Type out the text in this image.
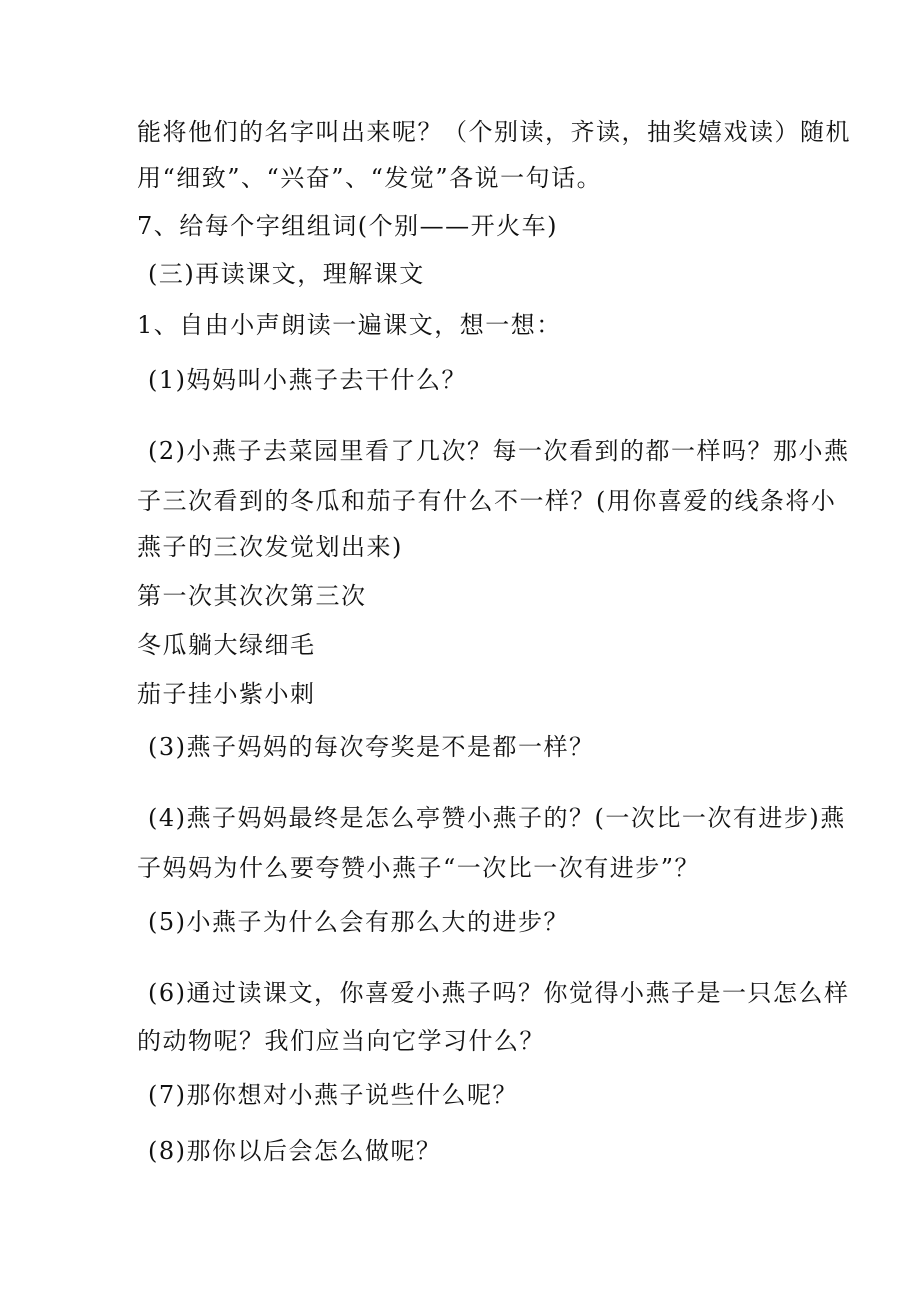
能将他们的名字叫出来呢？（个别读，齐读，抽奖嬉戏读）随机
用“细致”、“兴奋”、“发觉”各说一句话。
7、给每个字组组词(个别——开火车)
(三)再读课文，理解课文
1、自由小声朗读一遍课文，想一想：
(1)妈妈叫小燕子去干什么？
(2)小燕子去菜园里看了几次？每一次看到的都一样吗？那小燕
子三次看到的冬瓜和茄子有什么不一样？(用你喜爱的线条将小
燕子的三次发觉划出来)
第一次其次次第三次
冬瓜躺大绿细毛
茄子挂小紫小刺
(3)燕子妈妈的每次夸奖是不是都一样？
(4)燕子妈妈最终是怎么亭赞小燕子的？(一次比一次有进步)燕
子妈妈为什么要夸赞小燕子“一次比一次有进步”？
(5)小燕子为什么会有那么大的进步？
(6)通过读课文，你喜爱小燕子吗？你觉得小燕子是一只怎么样
的动物呢？我们应当向它学习什么？
(7)那你想对小燕子说些什么呢？
(8)那你以后会怎么做呢？
